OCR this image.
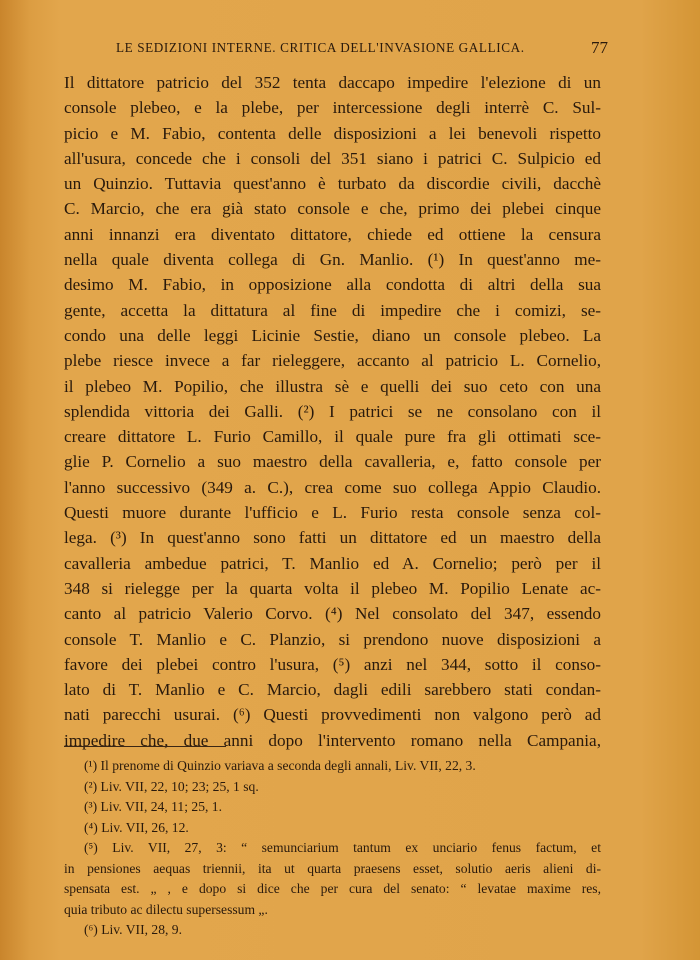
LE SEDIZIONI INTERNE. CRITICA DELL'INVASIONE GALLICA.	77
Il dittatore patricio del 352 tenta daccapo impedire l'elezione di un
console plebeo, e la plebe, per intercessione degli interrè C. Sul-
picio e M. Fabio, contenta delle disposizioni a lei benevoli rispetto
all'usura, concede che i consoli del 351 siano i patrici C. Sulpicio ed
un Quinzio. Tuttavia quest'anno è turbato da discordie civili, dacchè
C. Marcio, che era già stato console e che, primo dei plebei cinque
anni innanzi era diventato dittatore, chiede ed ottiene la censura
nella quale diventa collega di Gn. Manlio. (¹) In quest'anno me-
desimo M. Fabio, in opposizione alla condotta di altri della sua
gente, accetta la dittatura al fine di impedire che i comizi, se-
condo una delle leggi Licinie Sestie, diano un console plebeo. La
plebe riesce invece a far rieleggere, accanto al patricio L. Cornelio,
il plebeo M. Popilio, che illustra sè e quelli dei suo ceto con una
splendida vittoria dei Galli. (²) I patrici se ne consolano con il
creare dittatore L. Furio Camillo, il quale pure fra gli ottimati sce-
glie P. Cornelio a suo maestro della cavalleria, e, fatto console per
l'anno successivo (349 a. C.), crea come suo collega Appio Claudio.
Questi muore durante l'ufficio e L. Furio resta console senza col-
lega. (³) In quest'anno sono fatti un dittatore ed un maestro della
cavalleria ambedue patrici, T. Manlio ed A. Cornelio; però per il
348 si rielegge per la quarta volta il plebeo M. Popilio Lenate ac-
canto al patricio Valerio Corvo. (⁴) Nel consolato del 347, essendo
console T. Manlio e C. Planzio, si prendono nuove disposizioni a
favore dei plebei contro l'usura, (⁵) anzi nel 344, sotto il conso-
lato di T. Manlio e C. Marcio, dagli edili sarebbero stati condan-
nati parecchi usurai. (⁶) Questi provvedimenti non valgono però ad
impedire che, due anni dopo l'intervento romano nella Campania,
(¹) Il prenome di Quinzio variava a seconda degli annali, Liv. VII, 22, 3.
(²) Liv. VII, 22, 10; 23; 25, 1 sq.
(³) Liv. VII, 24, 11; 25, 1.
(⁴) Liv. VII, 26, 12.
(⁵) Liv. VII, 27, 3: “ semunciarium tantum ex unciario fenus factum, et
in pensiones aequas triennii, ita ut quarta praesens esset, solutio aeris alieni di-
spensata est. „ , e dopo si dice che per cura del senato: “ levatae maxime res,
quia tributo ac dilectu supersessum „.
(⁶) Liv. VII, 28, 9.
